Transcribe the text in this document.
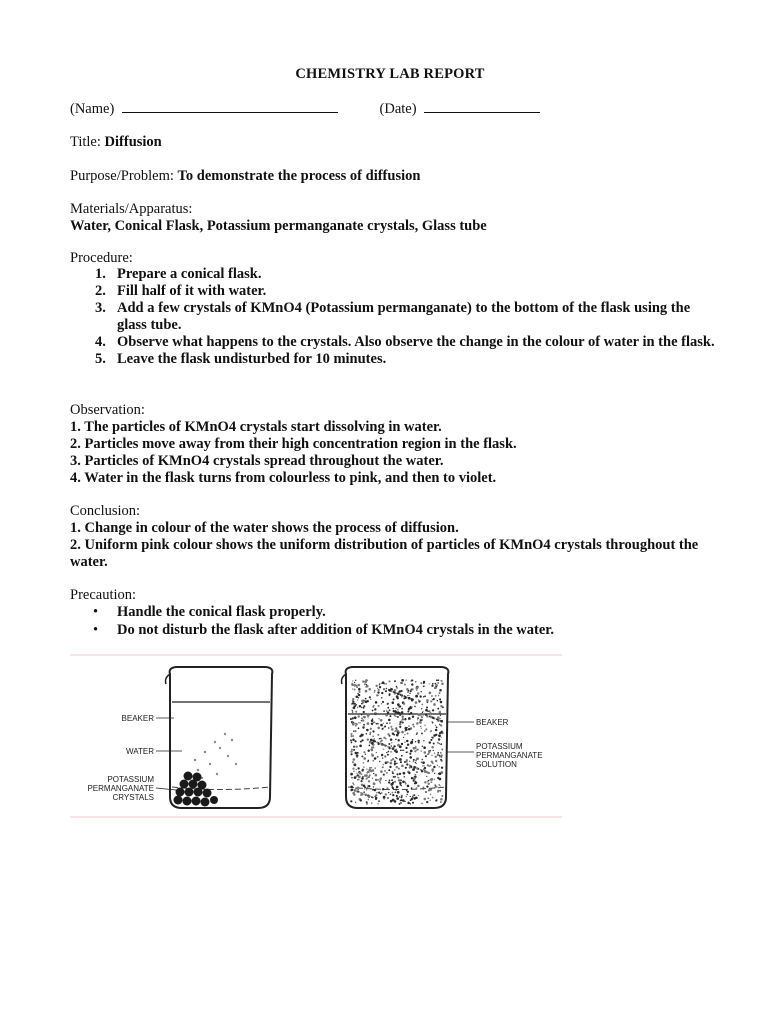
CHEMISTRY LAB REPORT
(Name)	(Date)
Title: Diffusion
Purpose/Problem: To demonstrate the process of diffusion
Materials/Apparatus:
Water, Conical Flask, Potassium permanganate crystals, Glass tube
Procedure:
Prepare a conical flask.
Fill half of it with water.
Add a few crystals of KMnO4 (Potassium permanganate) to the bottom of the flask using the glass tube.
Observe what happens to the crystals. Also observe the change in the colour of water in the flask.
Leave the flask undisturbed for 10 minutes.
Observation:
1. The particles of KMnO4 crystals start dissolving in water.
2. Particles move away from their high concentration region in the flask.
3. Particles of KMnO4 crystals spread throughout the water.
4. Water in the flask turns from colourless to pink, and then to violet.
Conclusion:
1. Change in colour of the water shows the process of diffusion.
2. Uniform pink colour shows the uniform distribution of particles of KMnO4 crystals throughout the water.
Precaution:
• Handle the conical flask properly.
• Do not disturb the flask after addition of KMnO4 crystals in the water.
BEAKER
WATER
POTASSIUM
PERMANGANATE
CRYSTALS
BEAKER
POTASSIUM
PERMANGANATE
SOLUTION
